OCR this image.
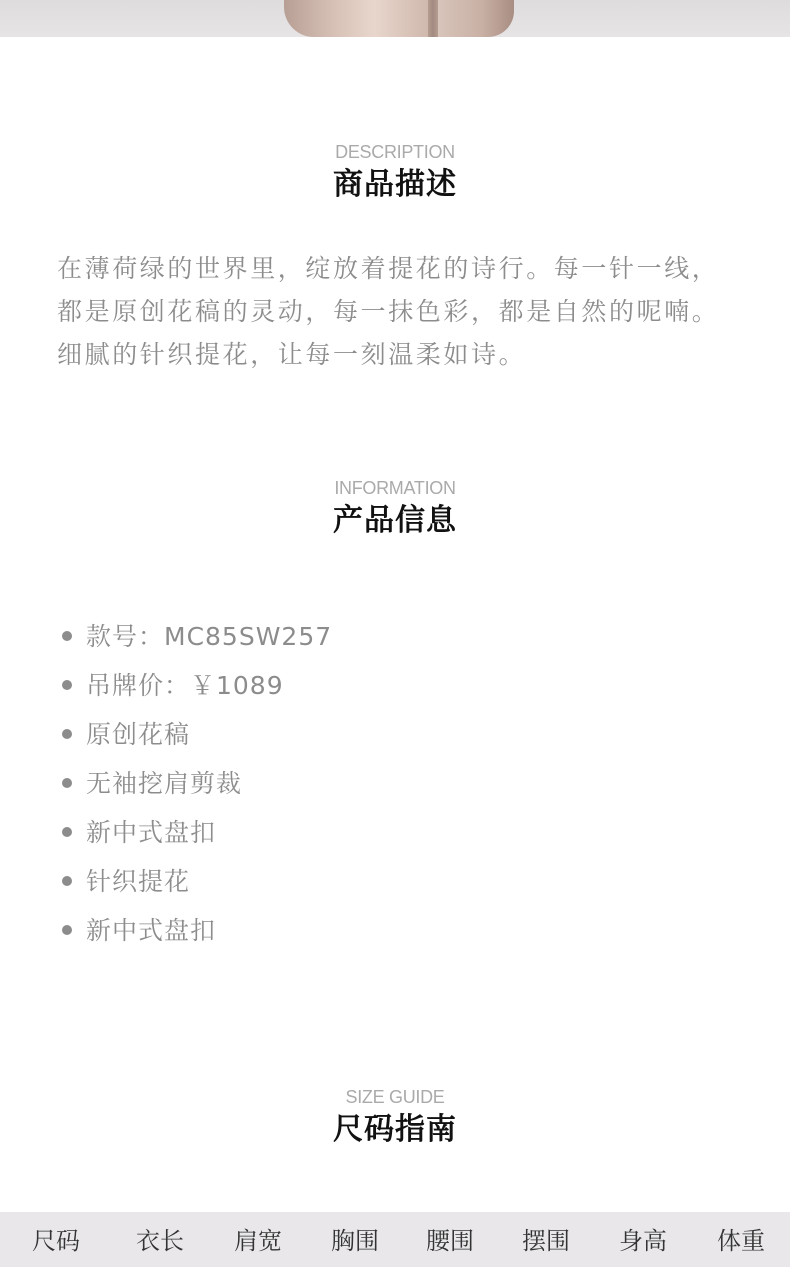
DESCRIPTION
商品描述

在薄荷绿的世界里，绽放着提花的诗行。每一针一线，都是原创花稿的灵动，每一抹色彩，都是自然的呢喃。细腻的针织提花，让每一刻温柔如诗。

INFORMATION
产品信息
款号：MC85SW257
吊牌价：￥1089
原创花稿
无袖挖肩剪裁
新中式盘扣
针织提花
新中式盘扣
SIZE GUIDE
尺码指南
尺码	衣长	肩宽	胸围	腰围	摆围	身高	体重
